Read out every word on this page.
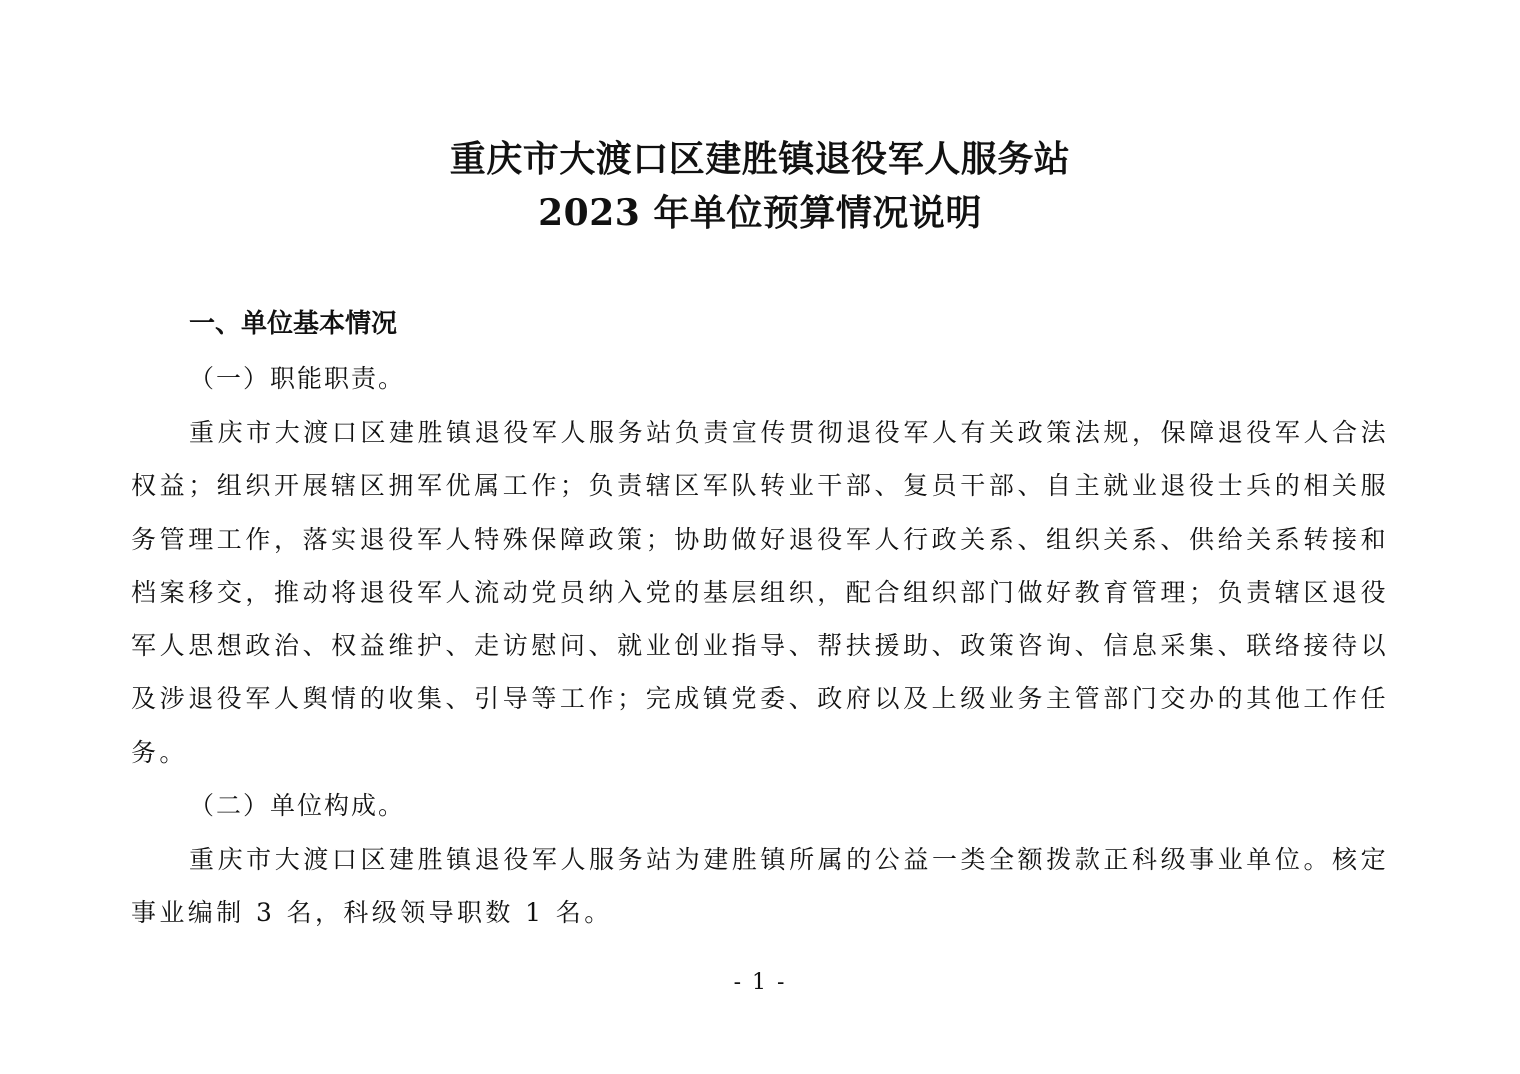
重庆市大渡口区建胜镇退役军人服务站
2023 年单位预算情况说明
一、单位基本情况
（一）职能职责。

重庆市大渡口区建胜镇退役军人服务站负责宣传贯彻退役军人有关政策法规，保障退役军人合法权益；组织开展辖区拥军优属工作；负责辖区军队转业干部、复员干部、自主就业退役士兵的相关服务管理工作，落实退役军人特殊保障政策；协助做好退役军人行政关系、组织关系、供给关系转接和档案移交，推动将退役军人流动党员纳入党的基层组织，配合组织部门做好教育管理；负责辖区退役军人思想政治、权益维护、走访慰问、就业创业指导、帮扶援助、政策咨询、信息采集、联络接待以及涉退役军人舆情的收集、引导等工作；完成镇党委、政府以及上级业务主管部门交办的其他工作任务。

（二）单位构成。

重庆市大渡口区建胜镇退役军人服务站为建胜镇所属的公益一类全额拨款正科级事业单位。核定事业编制 3 名，科级领导职数 1 名。

- 1 -
